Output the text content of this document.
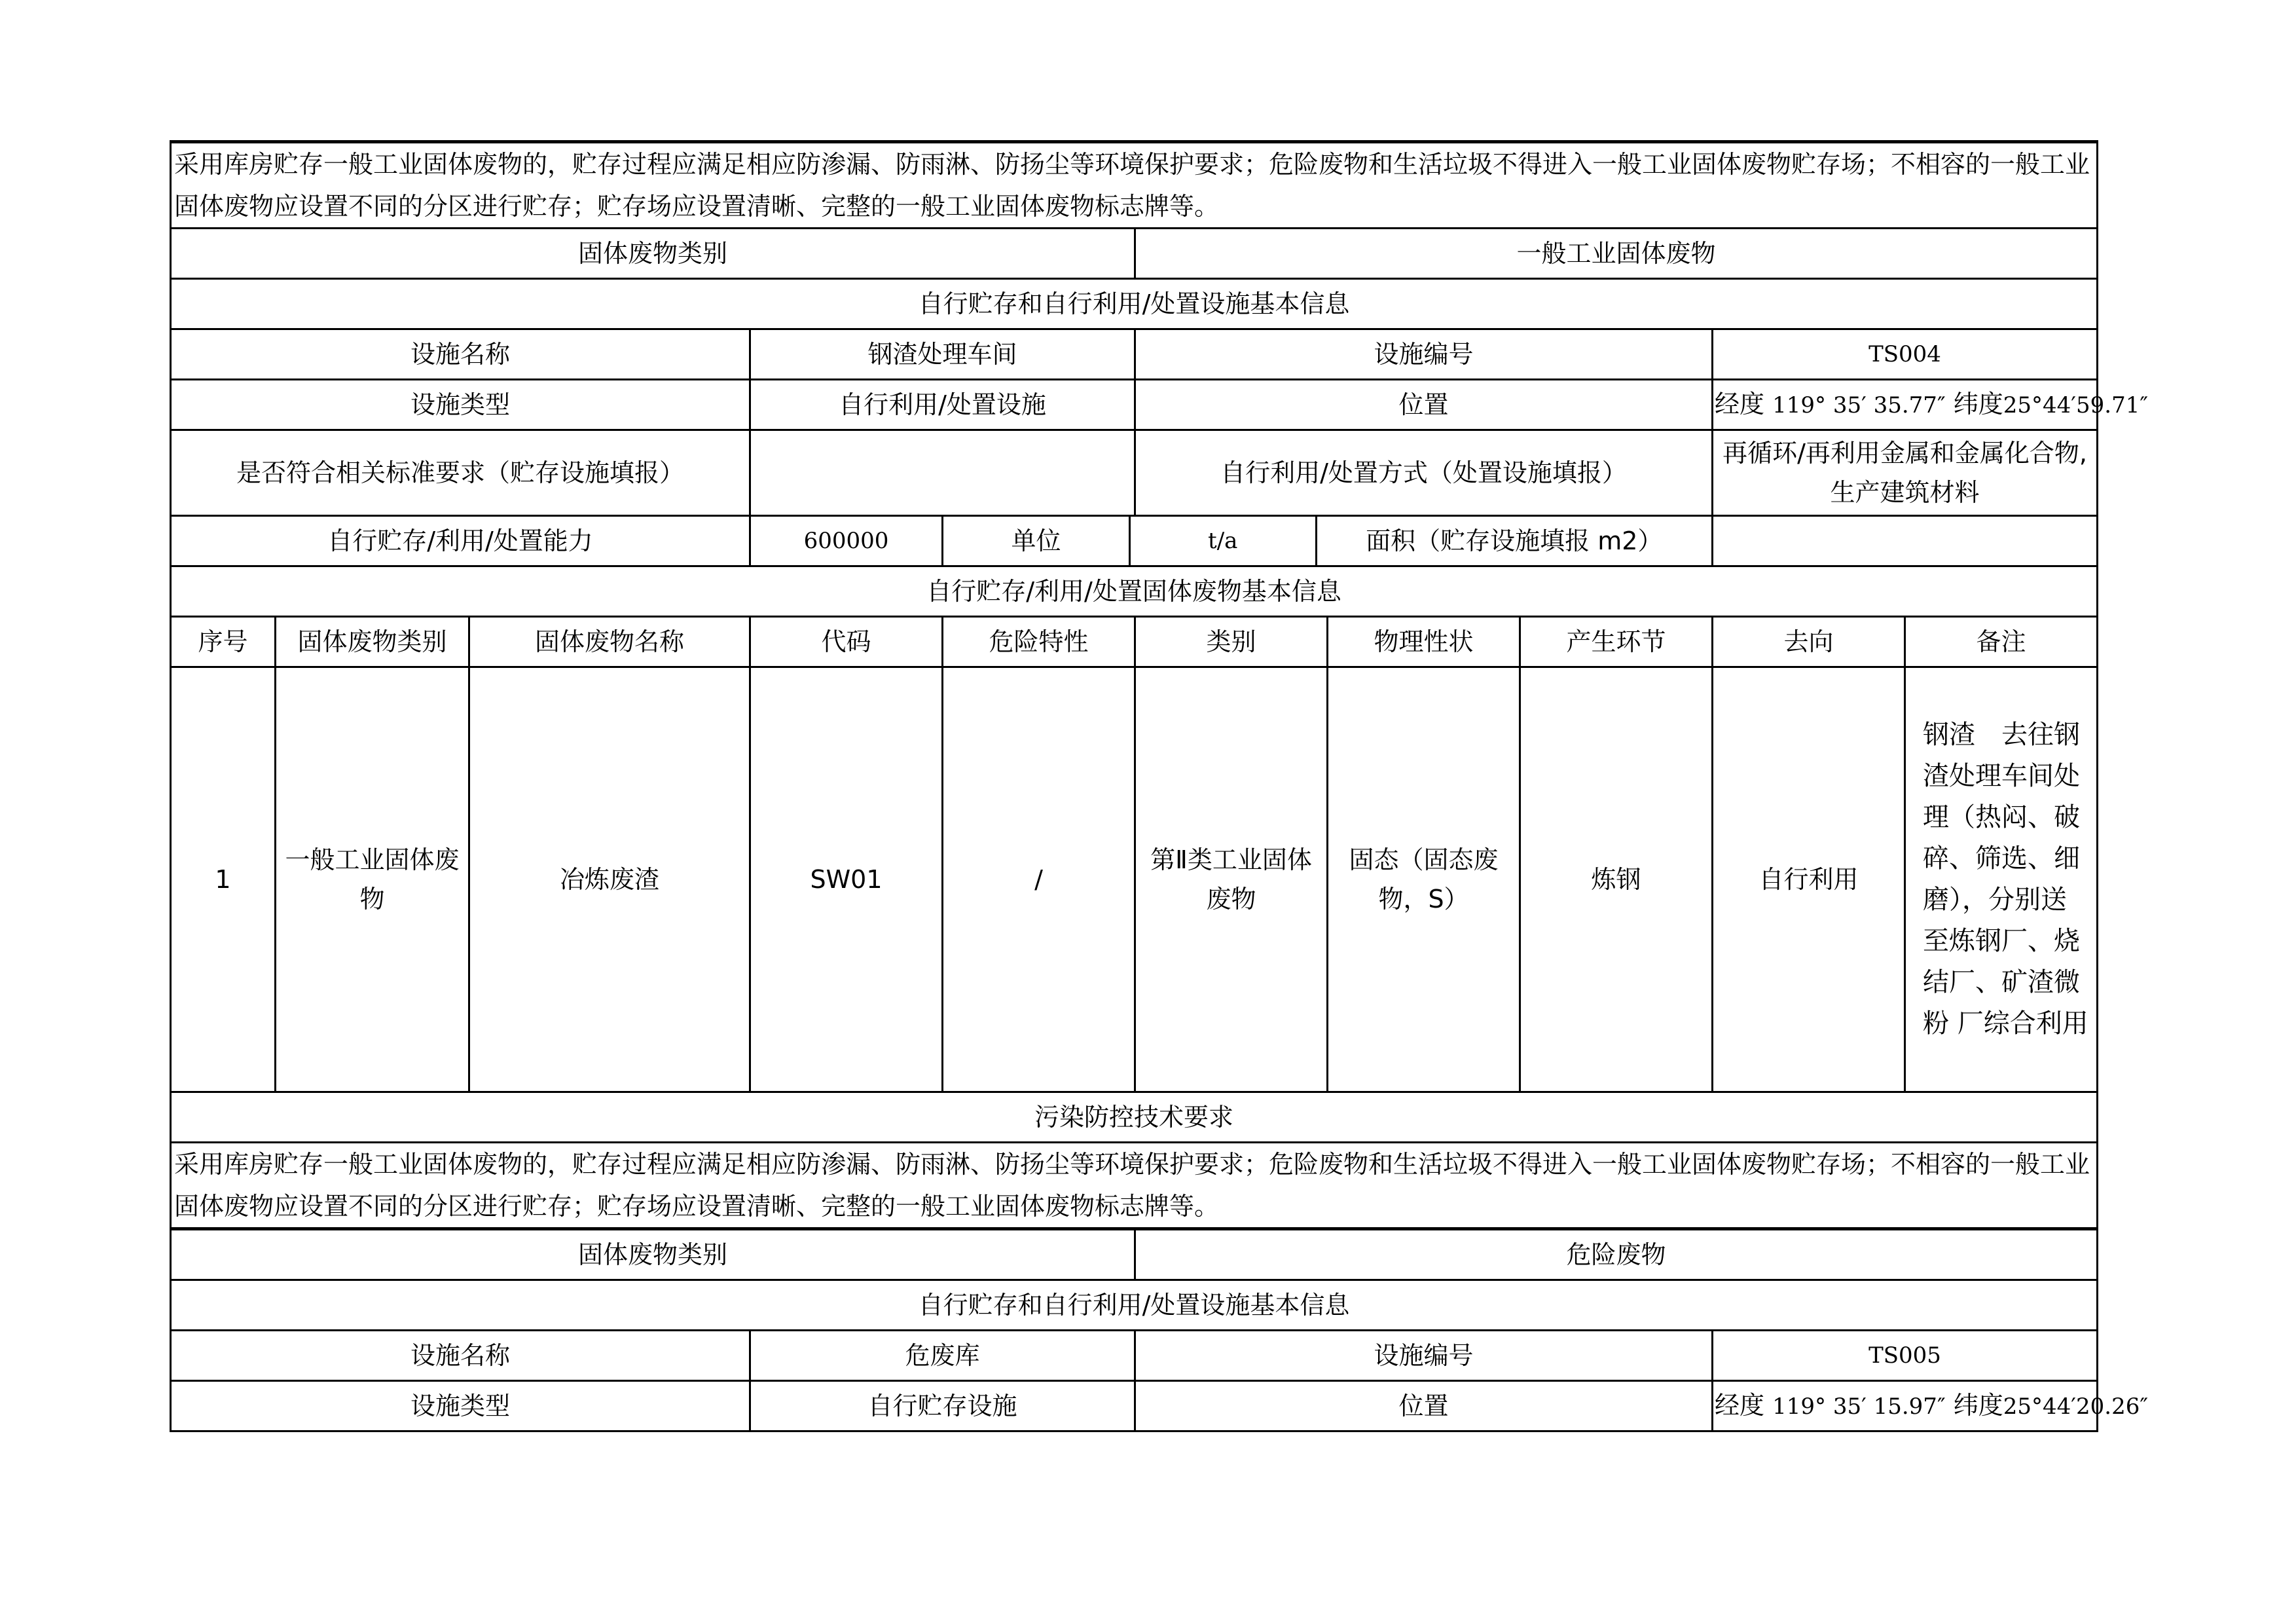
采用库房贮存一般工业固体废物的，贮存过程应满足相应防渗漏、防雨淋、防扬尘等环境保护要求；危险废物和生活垃圾不得进入一般工业固体废物贮存场；不相容的一般工业固体废物应设置不同的分区进行贮存；贮存场应设置清晰、完整的一般工业固体废物标志牌等。
固体废物类别	一般工业固体废物
自行贮存和自行利用/处置设施基本信息
设施名称	钢渣处理车间	设施编号	TS004
设施类型	自行利用/处置设施	位置	经度 119° 35′ 35.77″ 纬度25°44′59.71″
是否符合相关标准要求（贮存设施填报）		自行利用/处置方式（处置设施填报）	再循环/再利用金属和金属化合物,生产建筑材料
自行贮存/利用/处置能力	600000		单位	t/a	面积（贮存设施填报 m2）

自行贮存/利用/处置固体废物基本信息
序号	固体废物类别	固体废物名称	代码	危险特性	类别	物理性状	产生环节	去向	备注
1	一般工业固体废物	冶炼废渣	SW01	/	第Ⅱ类工业固体废物	固态（固态废物，S）	炼钢	自行利用	钢渣　去往钢渣处理车间处理（热闷、破碎、筛选、细磨），分别送至炼钢厂、烧结厂、矿渣微粉 厂综合利用
污染防控技术要求
采用库房贮存一般工业固体废物的，贮存过程应满足相应防渗漏、防雨淋、防扬尘等环境保护要求；危险废物和生活垃圾不得进入一般工业固体废物贮存场；不相容的一般工业固体废物应设置不同的分区进行贮存；贮存场应设置清晰、完整的一般工业固体废物标志牌等。
固体废物类别	危险废物
自行贮存和自行利用/处置设施基本信息
设施名称	危废库	设施编号	TS005
设施类型	自行贮存设施	位置	经度 119° 35′ 15.97″ 纬度25°44′20.26″
